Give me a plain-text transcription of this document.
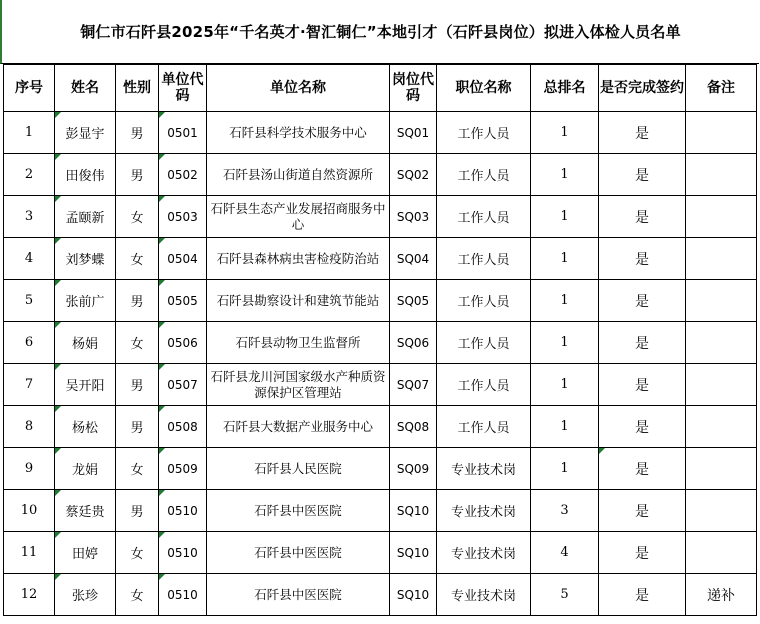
铜仁市石阡县2025年“千名英才·智汇铜仁”本地引才（石阡县岗位）拟进入体检人员名单
序号	姓名	性别	单位代码	单位名称	岗位代码	职位名称	总排名	是否完成签约	备注
1	彭显宇	男	0501	石阡县科学技术服务中心	SQ01	工作人员	1	是	
2	田俊伟	男	0502	石阡县汤山街道自然资源所	SQ02	工作人员	1	是	
3	孟颐新	女	0503	石阡县生态产业发展招商服务中心	SQ03	工作人员	1	是	
4	刘梦蝶	女	0504	石阡县森林病虫害检疫防治站	SQ04	工作人员	1	是	
5	张前广	男	0505	石阡县勘察设计和建筑节能站	SQ05	工作人员	1	是	
6	杨娟	女	0506	石阡县动物卫生监督所	SQ06	工作人员	1	是	
7	吴开阳	男	0507	石阡县龙川河国家级水产种质资源保护区管理站	SQ07	工作人员	1	是	
8	杨松	男	0508	石阡县大数据产业服务中心	SQ08	工作人员	1	是	
9	龙娟	女	0509	石阡县人民医院	SQ09	专业技术岗	1	是

10	蔡廷贵	男	0510	石阡县中医医院	SQ10	专业技术岗	3	是	
11	田婷	女	0510	石阡县中医医院	SQ10	专业技术岗	4	是	
12	张珍	女	0510	石阡县中医医院	SQ10	专业技术岗	5	是	递补
